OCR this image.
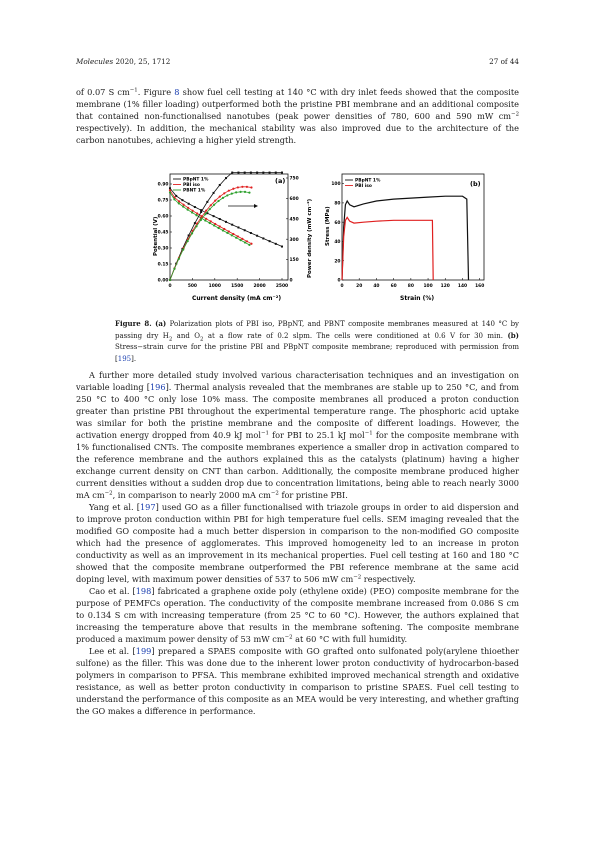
Molecules 2020, 25, 1712	27 of 44

of 0.07 S $cm^{-1}$. Figure 8 show fuel cell testing at 140 °C with dry inlet feeds showed that the composite membrane (1% filler loading) outperformed both the pristine PBI membrane and an additional composite that contained non-functionalised nanotubes (peak power densities of 780, 600 and 590 mW $cm^{-2}$ respectively). In addition, the mechanical stability was also improved due to the architecture of the carbon nanotubes, achieving a higher yield strength.

Potential (V)	Power density (mW cm⁻²)
Current density (mA cm⁻²)
(a)
0.00
0.15
0.30
0.45
0.60
0.75
0.90
0
150
300
450
600
750
0	500	1000 1500 2000 2500
PBpNT 1%
PBI iso
PBNT 1%
Stress (MPa)
Strain (%)
(b)
0
20
40
60
80
100
0	20	40	60	80 100 120 140 160
PBpNT 1%
PBI iso
Figure 8. (a) Polarization plots of PBI iso, PBpNT, and PBNT composite membranes measured at 140 °C by passing dry $H_2$ and $O_2$ at a flow rate of 0.2 slpm. The cells were conditioned at 0.6 V for 30 min. (b) Stress−strain curve for the pristine PBI and PBpNT composite membrane; reproduced with permission from [195].

A further more detailed study involved various characterisation techniques and an investigation on variable loading [196]. Thermal analysis revealed that the membranes are stable up to 250 °C, and from 250 °C to 400 °C only lose 10% mass. The composite membranes all produced a proton conduction greater than pristine PBI throughout the experimental temperature range. The phosphoric acid uptake was similar for both the pristine membrane and the composite of different loadings. However, the activation energy dropped from 40.9 kJ mol$^{-1}$ for PBI to 25.1 kJ mol$^{-1}$ for the composite membrane with 1% functionalised CNTs. The composite membranes experience a smaller drop in activation compared to the reference membrane and the authors explained this as the catalysts (platinum) having a higher exchange current density on CNT than carbon. Additionally, the composite membrane produced higher current densities without a sudden drop due to concentration limitations, being able to reach nearly 3000 mA $cm^{-2}$, in comparison to nearly 2000 mA $cm^{-2}$ for pristine PBI.

Yang et al. [197] used GO as a filler functionalised with triazole groups in order to aid dispersion and to improve proton conduction within PBI for high temperature fuel cells. SEM imaging revealed that the modified GO composite had a much better dispersion in comparison to the non-modified GO composite which had the presence of agglomerates. This improved homogeneity led to an increase in proton conductivity as well as an improvement in its mechanical properties. Fuel cell testing at 160 and 180 °C showed that the composite membrane outperformed the PBI reference membrane at the same acid doping level, with maximum power densities of 537 to 506 mW $cm^{-2}$ respectively.

Cao et al. [198] fabricated a graphene oxide poly (ethylene oxide) (PEO) composite membrane for the purpose of PEMFCs operation. The conductivity of the composite membrane increased from 0.086 S cm to 0.134 S cm with increasing temperature (from 25 °C to 60 °C). However, the authors explained that increasing the temperature above that results in the membrane softening. The composite membrane produced a maximum power density of 53 mW $cm^{-2}$ at 60 °C with full humidity.

Lee et al. [199] prepared a SPAES composite with GO grafted onto sulfonated poly(arylene thioether sulfone) as the filler. This was done due to the inherent lower proton conductivity of hydrocarbon-based polymers in comparison to PFSA. This membrane exhibited improved mechanical strength and oxidative resistance, as well as better proton conductivity in comparison to pristine SPAES. Fuel cell testing to understand the performance of this composite as an MEA would be very interesting, and whether grafting the GO makes a difference in performance.
